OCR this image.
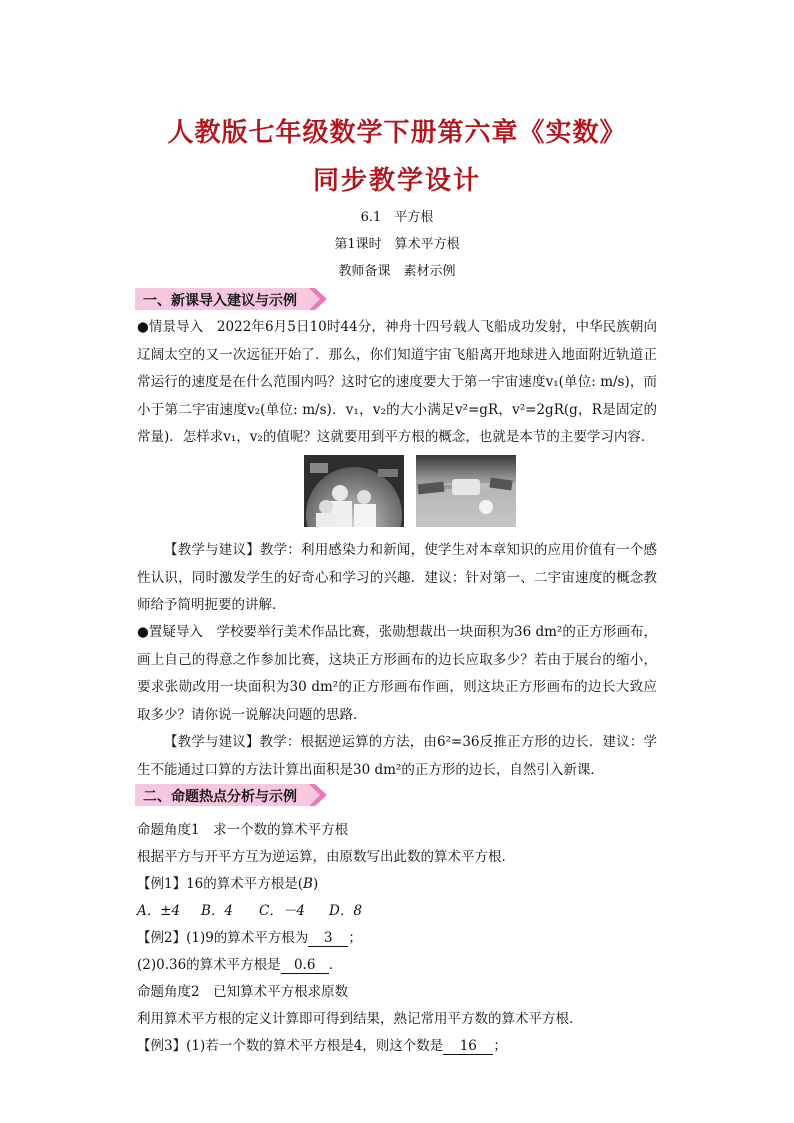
人教版七年级数学下册第六章《实数》
同步教学设计
6.1　平方根
第1课时　算术平方根
教师备课　素材示例
一、新课导入建议与示例
●情景导入　2022年6月5日10时44分，神舟十四号载人飞船成功发射，中华民族朝向辽阔太空的又一次远征开始了．那么，你们知道宇宙飞船离开地球进入地面附近轨道正常运行的速度是在什么范围内吗？这时它的速度要大于第一宇宙速度v₁(单位: m/s)，而小于第二宇宙速度v₂(单位: m/s)．v₁，v₂的大小满足v²=gR，v²=2gR(g，R是固定的常量)．怎样求v₁，v₂的值呢？这就要用到平方根的概念，也就是本节的主要学习内容．
【教学与建议】教学：利用感染力和新闻，使学生对本章知识的应用价值有一个感性认识，同时激发学生的好奇心和学习的兴趣．建议：针对第一、二宇宙速度的概念教师给予简明扼要的讲解．
●置疑导入　学校要举行美术作品比赛，张勋想裁出一块面积为36 dm²的正方形画布，画上自己的得意之作参加比赛，这块正方形画布的边长应取多少？若由于展台的缩小，要求张勋改用一块面积为30 dm²的正方形画布作画，则这块正方形画布的边长大致应取多少？请你说一说解决问题的思路．
【教学与建议】教学：根据逆运算的方法，由6²=36反推正方形的边长．建议：学生不能通过口算的方法计算出面积是30 dm²的正方形的边长，自然引入新课．
二、命题热点分析与示例
命题角度1　求一个数的算术平方根
根据平方与开平方互为逆运算，由原数写出此数的算术平方根．
【例1】16的算术平方根是(B)
A．±4 B．4 C．－4 D．8
【例2】(1)9的算术平方根为 3 ；
(2)0.36的算术平方根是 0.6 ．
命题角度2　已知算术平方根求原数
利用算术平方根的定义计算即可得到结果，熟记常用平方数的算术平方根．
【例3】(1)若一个数的算术平方根是4，则这个数是 16 ；
